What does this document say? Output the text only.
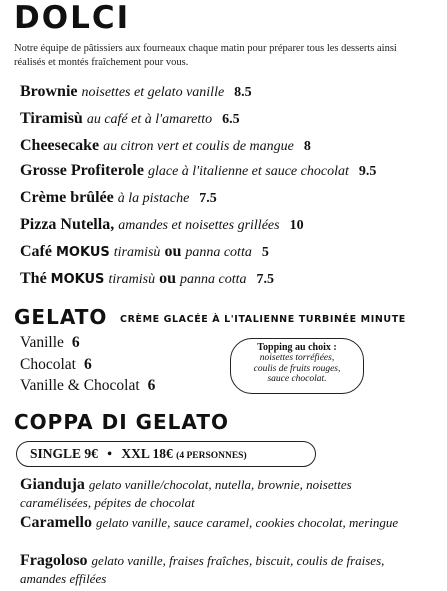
DOLCI
Notre équipe de pâtissiers aux fourneaux chaque matin pour préparer tous les desserts ainsi réalisés et montés fraîchement pour vous.
Brownie noisettes et gelato vanille 8.5
Tiramisù au café et à l'amaretto 6.5
Cheesecake au citron vert et coulis de mangue 8
Grosse Profiterole glace à l'italienne et sauce chocolat 9.5
Crème brûlée à la pistache 7.5
Pizza Nutella, amandes et noisettes grillées 10
Café MOKUS tiramisù ou panna cotta 5
Thé MOKUS tiramisù ou panna cotta 7.5
GELATO CRÈME GLACÉE À L'ITALIENNE TURBINÉE MINUTE
Vanille 6
Chocolat 6
Vanille & Chocolat 6
Topping au choix :
noisettes torréfiées,
coulis de fruits rouges,
sauce chocolat.
COPPA DI GELATO
SINGLE 9€ • XXL 18€ (4 PERSONNES)
Gianduja gelato vanille/chocolat, nutella, brownie, noisettes caramélisées, pépites de chocolat
Caramello gelato vanille, sauce caramel, cookies chocolat, meringue
Fragoloso gelato vanille, fraises fraîches, biscuit, coulis de fraises, amandes effilées
